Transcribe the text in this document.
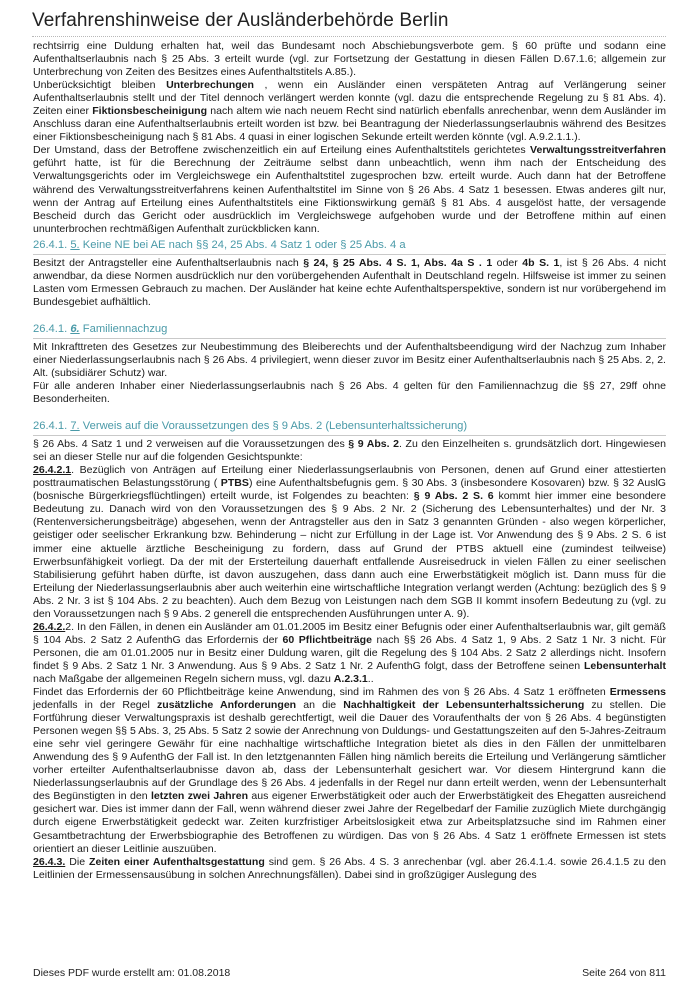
Verfahrenshinweise der Ausländerbehörde Berlin

rechtsirrig eine Duldung erhalten hat, weil das Bundesamt noch Abschiebungsverbote gem. § 60 prüfte und sodann eine Aufenthaltserlaubnis nach § 25 Abs. 3 erteilt wurde (vgl. zur Fortsetzung der Gestattung in diesen Fällen D.67.1.6; allgemein zur Unterbrechung von Zeiten des Besitzes eines Aufenthaltstitels A.85.).

Unberücksichtigt bleiben Unterbrechungen , wenn ein Ausländer einen verspäteten Antrag auf Verlängerung seiner Aufenthaltserlaubnis stellt und der Titel dennoch verlängert werden konnte (vgl. dazu die entsprechende Regelung zu § 81 Abs. 4). Zeiten einer Fiktionsbescheinigung nach altem wie nach neuem Recht sind natürlich ebenfalls anrechenbar, wenn dem Ausländer im Anschluss daran eine Aufenthaltserlaubnis erteilt worden ist bzw. bei Beantragung der Niederlassungserlaubnis während des Besitzes einer Fiktionsbescheinigung nach § 81 Abs. 4 quasi in einer logischen Sekunde erteilt werden könnte (vgl. A.9.2.1.1.).

Der Umstand, dass der Betroffene zwischenzeitlich ein auf Erteilung eines Aufenthaltstitels gerichtetes Verwaltungsstreitverfahren geführt hatte, ist für die Berechnung der Zeiträume selbst dann unbeachtlich, wenn ihm nach der Entscheidung des Verwaltungsgerichts oder im Vergleichswege ein Aufenthaltstitel zugesprochen bzw. erteilt wurde. Auch dann hat der Betroffene während des Verwaltungsstreitverfahrens keinen Aufenthaltstitel im Sinne von § 26 Abs. 4 Satz 1 besessen. Etwas anderes gilt nur, wenn der Antrag auf Erteilung eines Aufenthaltstitels eine Fiktionswirkung gemäß § 81 Abs. 4 ausgelöst hatte, der versagende Bescheid durch das Gericht oder ausdrücklich im Vergleichswege aufgehoben wurde und der Betroffene mithin auf einen ununterbrochen rechtmäßigen Aufenthalt zurückblicken kann.

26.4.1. 5. Keine NE bei AE nach §§ 24, 25 Abs. 4 Satz 1 oder § 25 Abs. 4 a

Besitzt der Antragsteller eine Aufenthaltserlaubnis nach § 24, § 25 Abs. 4 S. 1, Abs. 4a S . 1 oder 4b S. 1, ist § 26 Abs. 4 nicht anwendbar, da diese Normen ausdrücklich nur den vorübergehenden Aufenthalt in Deutschland regeln. Hilfsweise ist immer zu seinen Lasten vom Ermessen Gebrauch zu machen. Der Ausländer hat keine echte Aufenthaltsperspektive, sondern ist nur vorübergehend im Bundesgebiet aufhältlich.

26.4.1. 6. Familiennachzug

Mit Inkrafttreten des Gesetzes zur Neubestimmung des Bleiberechts und der Aufenthaltsbeendigung wird der Nachzug zum Inhaber einer Niederlassungserlaubnis nach § 26 Abs. 4 privilegiert, wenn dieser zuvor im Besitz einer Aufenthaltserlaubnis nach § 25 Abs. 2, 2. Alt. (subsidiärer Schutz) war.

Für alle anderen Inhaber einer Niederlassungserlaubnis nach § 26 Abs. 4 gelten für den Familiennachzug die §§ 27, 29ff ohne Besonderheiten.

26.4.1. 7. Verweis auf die Voraussetzungen des § 9 Abs. 2 (Lebensunterhaltssicherung)

§ 26 Abs. 4 Satz 1 und 2 verweisen auf die Voraussetzungen des § 9 Abs. 2. Zu den Einzelheiten s. grundsätzlich dort. Hingewiesen sei an dieser Stelle nur auf die folgenden Gesichtspunkte:

26.4.2.1. Bezüglich von Anträgen auf Erteilung einer Niederlassungserlaubnis von Personen, denen auf Grund einer attestierten posttraumatischen Belastungsstörung ( PTBS) eine Aufenthaltsbefugnis gem. § 30 Abs. 3 (insbesondere Kosovaren) bzw. § 32 AuslG (bosnische Bürgerkriegsflüchtlingen) erteilt wurde, ist Folgendes zu beachten: § 9 Abs. 2 S. 6 kommt hier immer eine besondere Bedeutung zu. Danach wird von den Voraussetzungen des § 9 Abs. 2 Nr. 2 (Sicherung des Lebensunterhaltes) und der Nr. 3 (Rentenversicherungsbeiträge) abgesehen, wenn der Antragsteller aus den in Satz 3 genannten Gründen - also wegen körperlicher, geistiger oder seelischer Erkrankung bzw. Behinderung – nicht zur Erfüllung in der Lage ist. Vor Anwendung des § 9 Abs. 2 S. 6 ist immer eine aktuelle ärztliche Bescheinigung zu fordern, dass auf Grund der PTBS aktuell eine (zumindest teilweise) Erwerbsunfähigkeit vorliegt. Da der mit der Ersterteilung dauerhaft entfallende Ausreisedruck in vielen Fällen zu einer seelischen Stabilisierung geführt haben dürfte, ist davon auszugehen, dass dann auch eine Erwerbstätigkeit möglich ist. Dann muss für die Erteilung der Niederlassungserlaubnis aber auch weiterhin eine wirtschaftliche Integration verlangt werden (Achtung: bezüglich des § 9 Abs. 2 Nr. 3 ist § 104 Abs. 2 zu beachten). Auch dem Bezug von Leistungen nach dem SGB II kommt insofern Bedeutung zu (vgl. zu den Voraussetzungen nach § 9 Abs. 2 generell die entsprechenden Ausführungen unter A. 9).

26.4.2.2. In den Fällen, in denen ein Ausländer am 01.01.2005 im Besitz einer Befugnis oder einer Aufenthaltserlaubnis war, gilt gemäß § 104 Abs. 2 Satz 2 AufenthG das Erfordernis der 60 Pflichtbeiträge nach §§ 26 Abs. 4 Satz 1, 9 Abs. 2 Satz 1 Nr. 3 nicht. Für Personen, die am 01.01.2005 nur in Besitz einer Duldung waren, gilt die Regelung des § 104 Abs. 2 Satz 2 allerdings nicht. Insofern findet § 9 Abs. 2 Satz 1 Nr. 3 Anwendung. Aus § 9 Abs. 2 Satz 1 Nr. 2 AufenthG folgt, dass der Betroffene seinen Lebensunterhalt nach Maßgabe der allgemeinen Regeln sichern muss, vgl. dazu A.2.3.1..

Findet das Erfordernis der 60 Pflichtbeiträge keine Anwendung, sind im Rahmen des von § 26 Abs. 4 Satz 1 eröffneten Ermessens jedenfalls in der Regel zusätzliche Anforderungen an die Nachhaltigkeit der Lebensunterhaltssicherung zu stellen. Die Fortführung dieser Verwaltungspraxis ist deshalb gerechtfertigt, weil die Dauer des Voraufenthalts der von § 26 Abs. 4 begünstigten Personen wegen §§ 5 Abs. 3, 25 Abs. 5 Satz 2 sowie der Anrechnung von Duldungs- und Gestattungszeiten auf den 5-Jahres-Zeitraum eine sehr viel geringere Gewähr für eine nachhaltige wirtschaftliche Integration bietet als dies in den Fällen der unmittelbaren Anwendung des § 9 AufenthG der Fall ist. In den letztgenannten Fällen hing nämlich bereits die Erteilung und Verlängerung sämtlicher vorher erteilter Aufenthaltserlaubnisse davon ab, dass der Lebensunterhalt gesichert war. Vor diesem Hintergrund kann die Niederlassungserlaubnis auf der Grundlage des § 26 Abs. 4 jedenfalls in der Regel nur dann erteilt werden, wenn der Lebensunterhalt des Begünstigten in den letzten zwei Jahren aus eigener Erwerbstätigkeit oder auch der Erwerbstätigkeit des Ehegatten ausreichend gesichert war. Dies ist immer dann der Fall, wenn während dieser zwei Jahre der Regelbedarf der Familie zuzüglich Miete durchgängig durch eigene Erwerbstätigkeit gedeckt war. Zeiten kurzfristiger Arbeitslosigkeit etwa zur Arbeitsplatzsuche sind im Rahmen einer Gesamtbetrachtung der Erwerbsbiographie des Betroffenen zu würdigen. Das von § 26 Abs. 4 Satz 1 eröffnete Ermessen ist stets orientiert an dieser Leitlinie auszuüben.

26.4.3. Die Zeiten einer Aufenthaltsgestattung sind gem. § 26 Abs. 4 S. 3 anrechenbar (vgl. aber 26.4.1.4. sowie 26.4.1.5 zu den Leitlinien der Ermessensausübung in solchen Anrechnungsfällen). Dabei sind in großzügiger Auslegung des

Dieses PDF wurde erstellt am: 01.08.2018	Seite 264 von 811
